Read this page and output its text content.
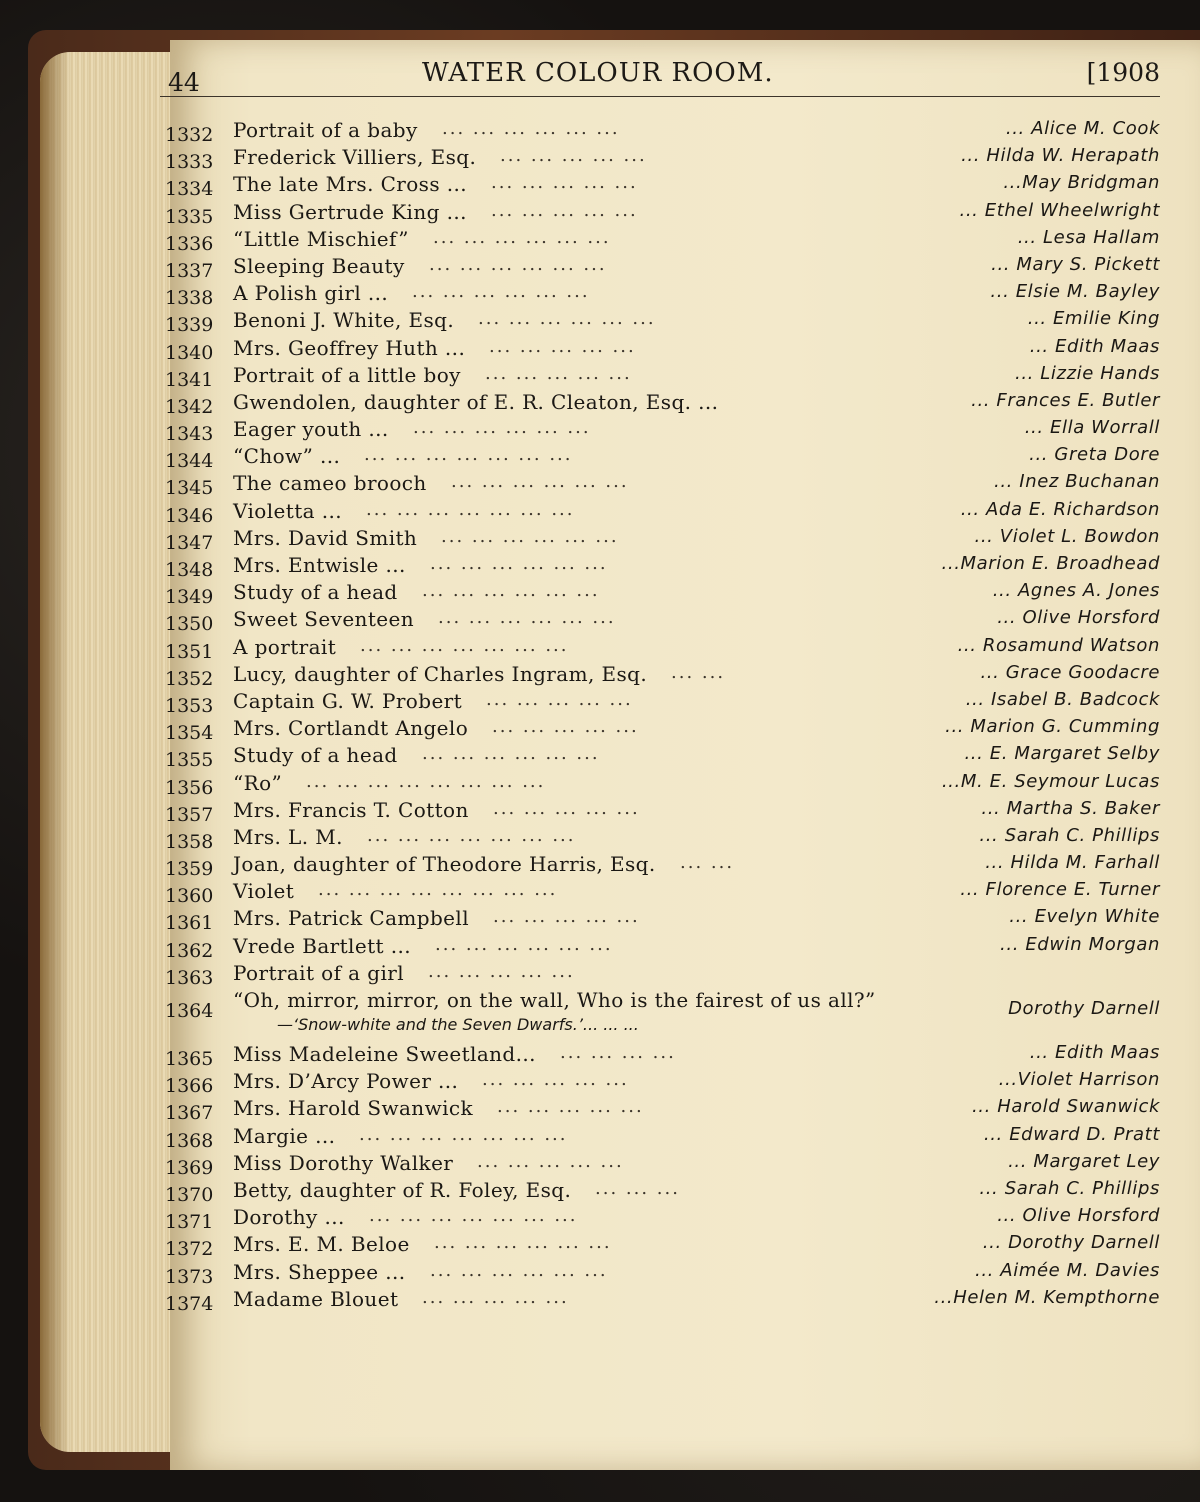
44	WATER COLOUR ROOM.	[1908
1332 Portrait of a baby ... ... ... ... ... ...	... Alice M. Cook
1333 Frederick Villiers, Esq. ... ... ... ... ...	... Hilda W. Herapath
1334 The late Mrs. Cross ... ... ... ... ... ...	...May Bridgman
1335 Miss Gertrude King ... ... ... ... ... ...	... Ethel Wheelwright
1336 “Little Mischief” ... ... ... ... ... ...	... Lesa Hallam
1337 Sleeping Beauty ... ... ... ... ... ...	... Mary S. Pickett
1338 A Polish girl ... ... ... ... ... ... ...	... Elsie M. Bayley
1339 Benoni J. White, Esq. ... ... ... ... ... ...	... Emilie King
1340 Mrs. Geoffrey Huth ... ... ... ... ... ...	... Edith Maas
1341 Portrait of a little boy ... ... ... ... ...	... Lizzie Hands
1342 Gwendolen, daughter of E. R. Cleaton, Esq. ...	... Frances E. Butler
1343 Eager youth ... ... ... ... ... ... ...	... Ella Worrall
1344 “Chow” ... ... ... ... ... ... ... ...	... Greta Dore
1345 The cameo brooch ... ... ... ... ... ...	... Inez Buchanan
1346 Violetta ... ... ... ... ... ... ... ...	... Ada E. Richardson
1347 Mrs. David Smith ... ... ... ... ... ...	... Violet L. Bowdon
1348 Mrs. Entwisle ... ... ... ... ... ... ...	...Marion E. Broadhead
1349 Study of a head ... ... ... ... ... ...	... Agnes A. Jones
1350 Sweet Seventeen ... ... ... ... ... ...	... Olive Horsford
1351 A portrait ... ... ... ... ... ... ...	... Rosamund Watson
1352 Lucy, daughter of Charles Ingram, Esq. ... ...	... Grace Goodacre
1353 Captain G. W. Probert ... ... ... ... ...	... Isabel B. Badcock
1354 Mrs. Cortlandt Angelo ... ... ... ... ...	... Marion G. Cumming
1355 Study of a head ... ... ... ... ... ...	... E. Margaret Selby
1356 “Ro” ... ... ... ... ... ... ... ...	...M. E. Seymour Lucas
1357 Mrs. Francis T. Cotton ... ... ... ... ...	... Martha S. Baker
1358 Mrs. L. M. ... ... ... ... ... ... ...	... Sarah C. Phillips
1359 Joan, daughter of Theodore Harris, Esq. ... ...	... Hilda M. Farhall
1360 Violet ... ... ... ... ... ... ... ...	... Florence E. Turner
1361 Mrs. Patrick Campbell ... ... ... ... ...	... Evelyn White
1362 Vrede Bartlett ... ... ... ... ... ... ...	... Edwin Morgan
1363 Portrait of a girl ... ... ... ... ...
1364 “Oh, mirror, mirror, on the wall, Who is the fairest of us all?”
—‘Snow-white and the Seven Dwarfs.’... ... ...
Dorothy Darnell
1365 Miss Madeleine Sweetland... ... ... ... ...	... Edith Maas
1366 Mrs. D’Arcy Power ... ... ... ... ... ...	...Violet Harrison
1367 Mrs. Harold Swanwick ... ... ... ... ...	... Harold Swanwick
1368 Margie ... ... ... ... ... ... ... ...	... Edward D. Pratt
1369 Miss Dorothy Walker ... ... ... ... ...	... Margaret Ley
1370 Betty, daughter of R. Foley, Esq. ... ... ...	... Sarah C. Phillips
1371 Dorothy ... ... ... ... ... ... ... ...	... Olive Horsford
1372 Mrs. E. M. Beloe ... ... ... ... ... ...	... Dorothy Darnell
1373 Mrs. Sheppee ... ... ... ... ... ... ...	... Aimée M. Davies
1374 Madame Blouet ... ... ... ... ...	...Helen M. Kempthorne
